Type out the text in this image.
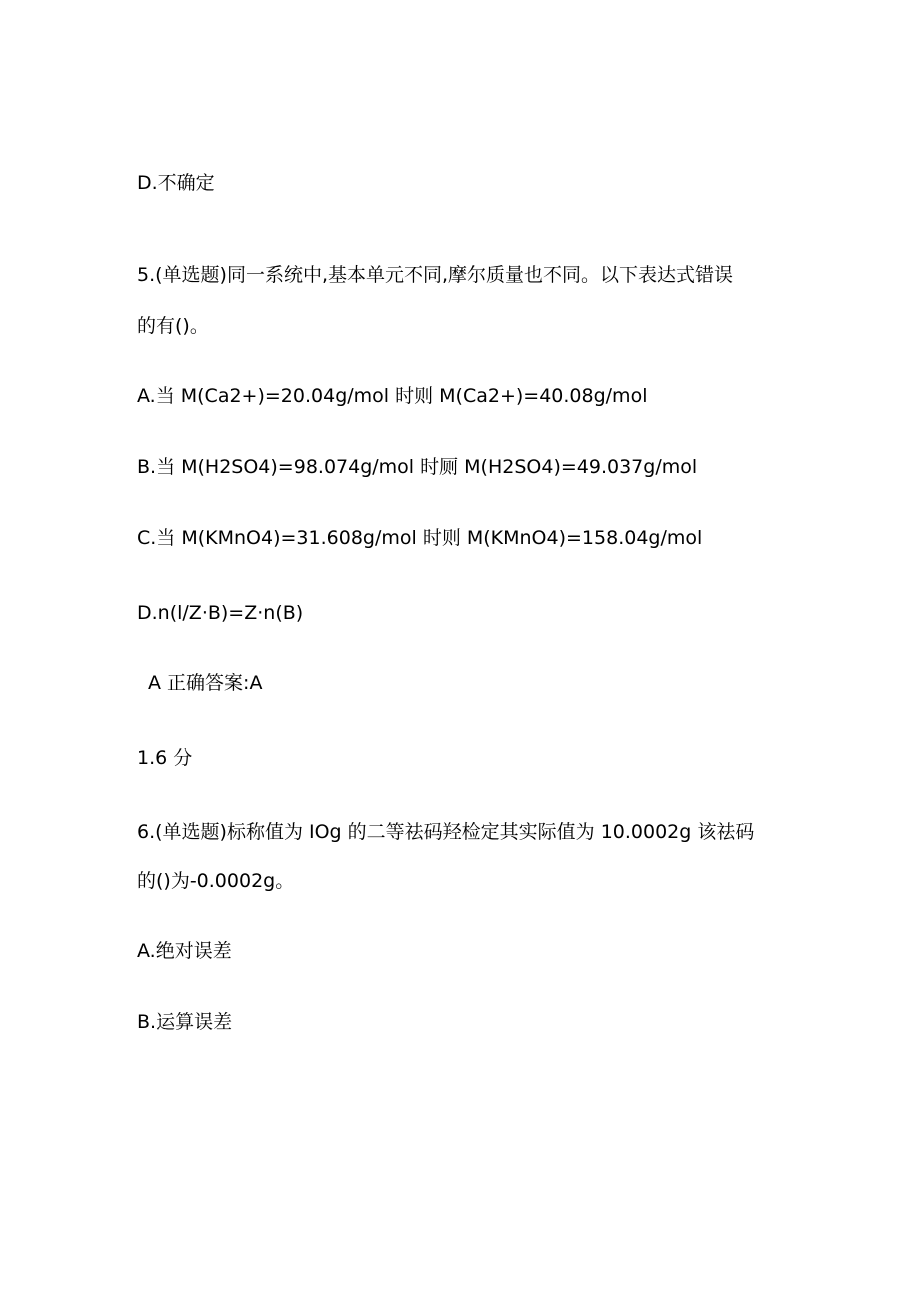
D.不确定
5.(单选题)同一系统中,基本单元不同,摩尔质量也不同。以下表达式错误
的有()。
A.当 M(Ca2+)=20.04g∕mol 时则 M(Ca2+)=40.08g∕mol
B.当 M(H2SO4)=98.074g∕mol 时厕 M(H2SO4)=49.037g∕mol
C.当 M(KMnO4)=31.608g∕mol 时则 M(KMnO4)=158.04g∕mol
D.n(l∕Z·B)=Z·n(B)
A 正确答案:A
1.6 分
6.(单选题)标称值为 IOg 的二等祛码羟检定其实际值为 10.0002g 该祛码
的()为-0.0002g。
A.绝对误差
B.运算误差
